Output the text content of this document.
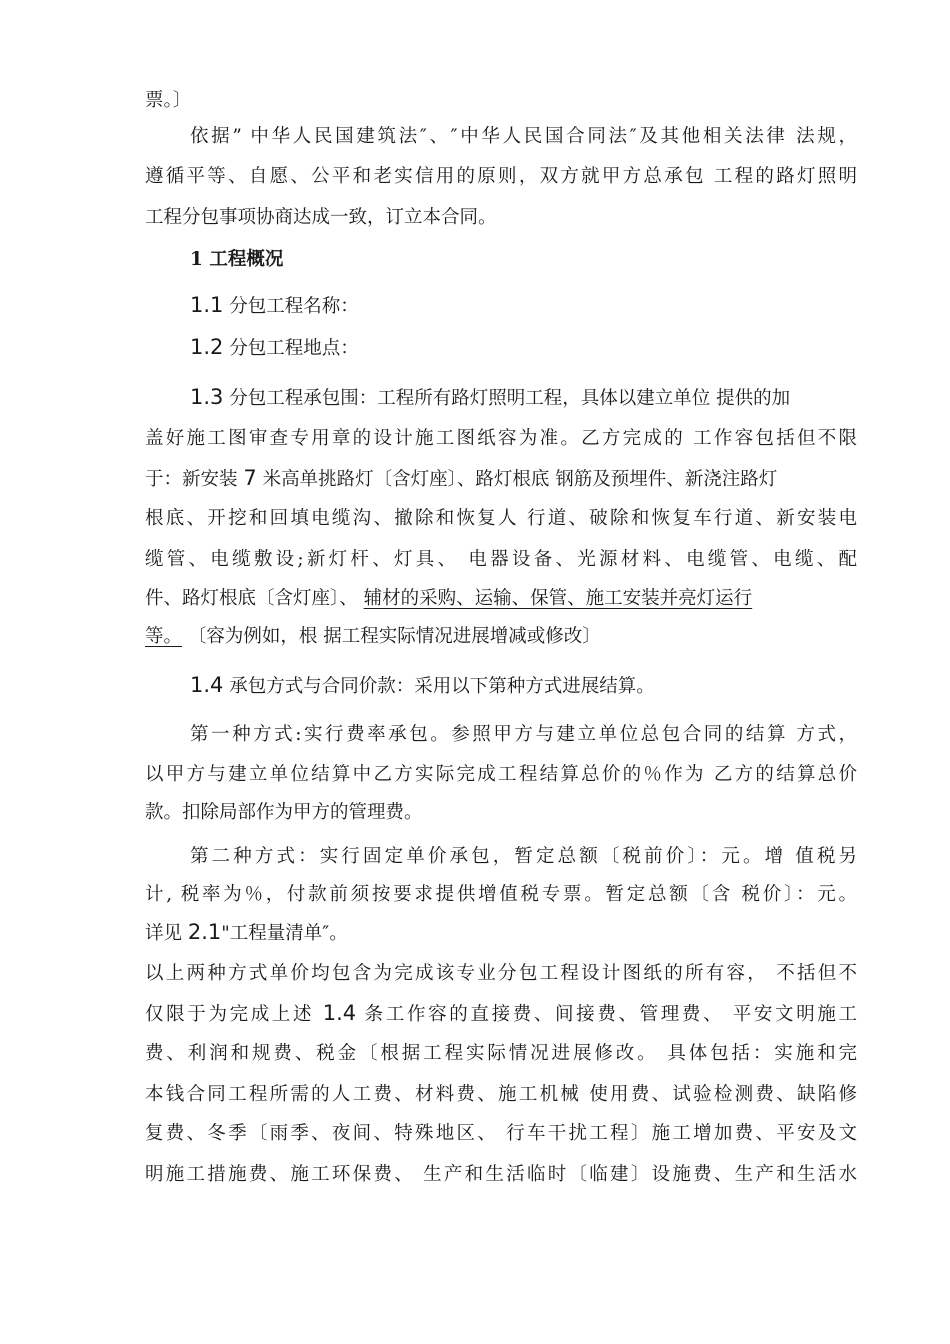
票。〕
依据” 中华人民国建筑法″、″中华人民国合同法″及其他相关法律 法规，
遵循平等、自愿、公平和老实信用的原则，双方就甲方总承包 工程的路灯照明
工程分包事项协商达成一致，订立本合同。
1 工程概况
1.1 分包工程名称：
1.2 分包工程地点：
1.3 分包工程承包围：工程所有路灯照明工程，具体以建立单位 提供的加
盖好施工图审查专用章的设计施工图纸容为准。乙方完成的 工作容包括但不限
于：新安装 7 米高单挑路灯〔含灯座〕、路灯根底 钢筋及预埋件、新浇注路灯
根底、开挖和回填电缆沟、撤除和恢复人 行道、破除和恢复车行道、新安装电
缆管、电缆敷设;新灯杆、灯具、 电器设备、光源材料、电缆管、电缆、配
件、路灯根底〔含灯座〕、 辅材的采购、运输、保管、施工安装并亮灯运行
等。 〔容为例如，根 据工程实际情况进展增减或修改〕
1.4 承包方式与合同价款：采用以下第种方式进展结算。
第一种方式:实行费率承包。参照甲方与建立单位总包合同的结算 方式，
以甲方与建立单位结算中乙方实际完成工程结算总价的％作为 乙方的结算总价
款。扣除局部作为甲方的管理费。
第二种方式：实行固定单价承包，暂定总额〔税前价〕：元。增 值税另
计, 税率为％，付款前须按要求提供增值税专票。暂定总额〔含 税价〕：元。
详见 2.1"工程量清单″。
以上两种方式单价均包含为完成该专业分包工程设计图纸的所有容， 不括但不
仅限于为完成上述 1.4 条工作容的直接费、间接费、管理费、 平安文明施工
费、利润和规费、税金〔根据工程实际情况进展修改。 具体包括：实施和完
本钱合同工程所需的人工费、材料费、施工机械 使用费、试验检测费、缺陷修
复费、冬季〔雨季、夜间、特殊地区、 行车干扰工程〕施工增加费、平安及文
明施工措施费、施工环保费、 生产和生活临时〔临建〕设施费、生产和生活水
